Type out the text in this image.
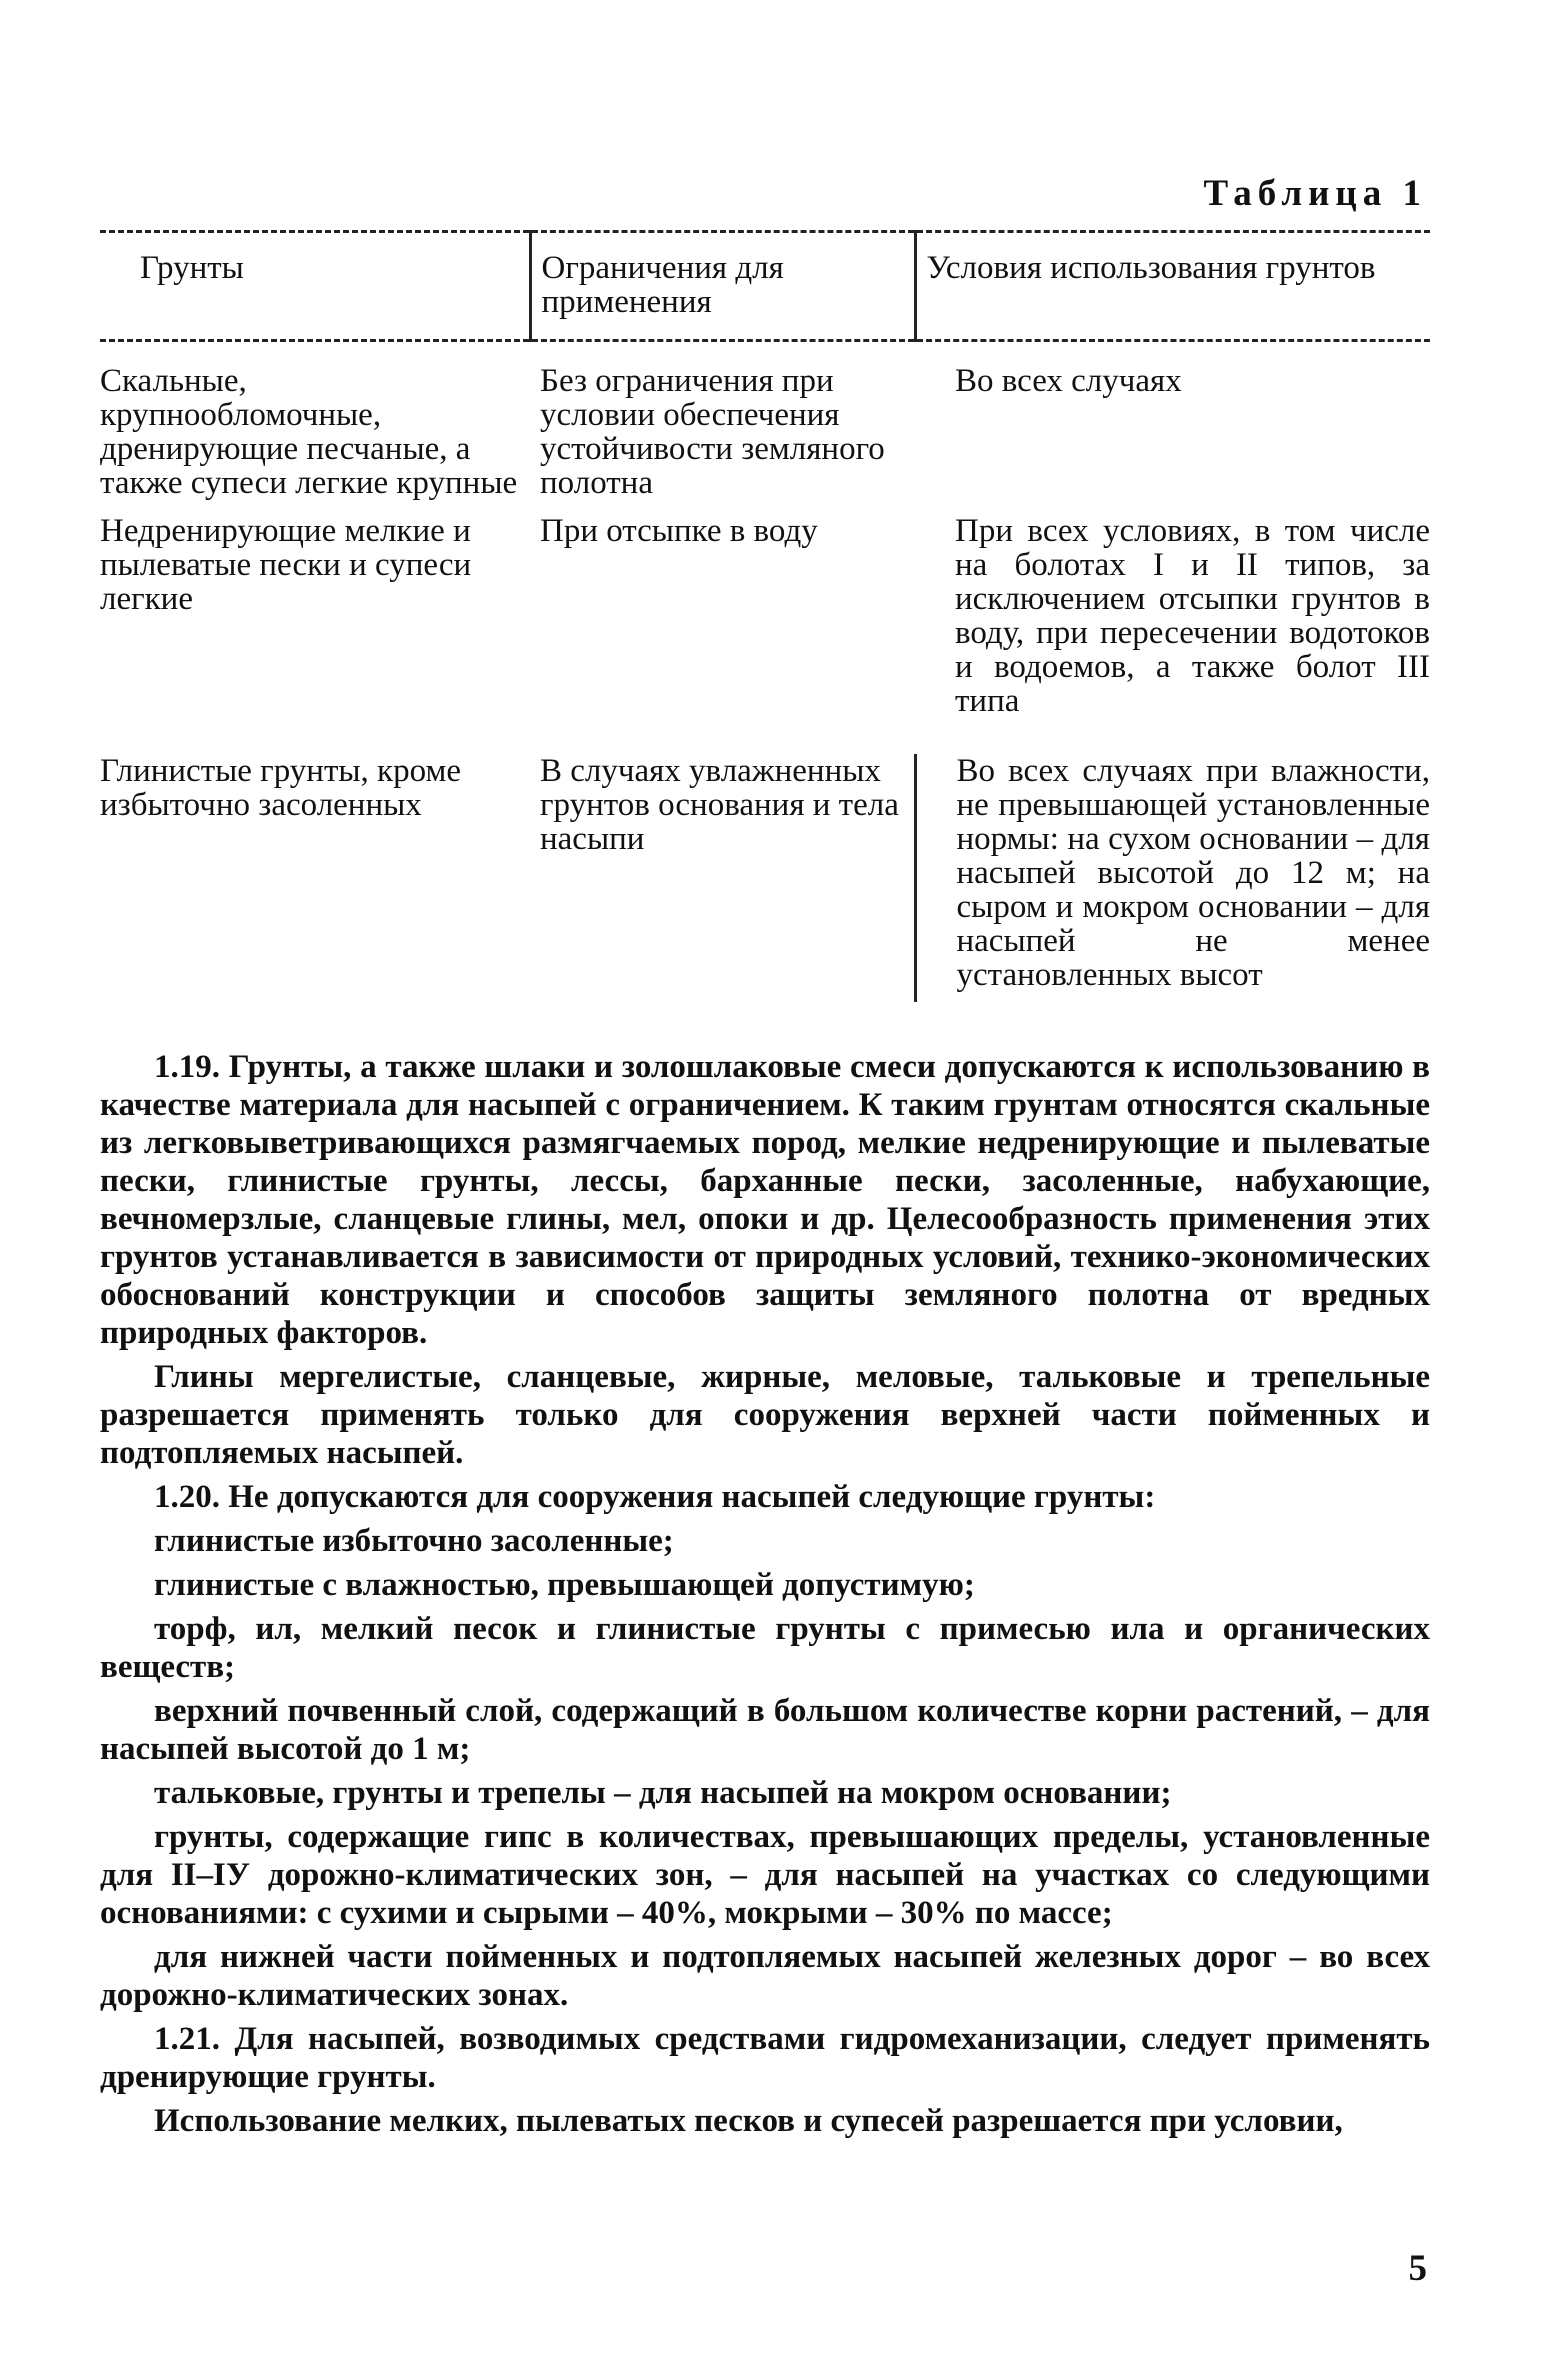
Таблица 1
Грунты	Ограничения для применения	Условия использования грунтов
Скальные, крупнообломочные, дренирующие песчаные, а также супеси легкие крупные	Без ограничения при условии обеспечения устойчивости земляного полотна	Во всех случаях
Недренирующие мелкие и пылеватые пески и супеси легкие	При отсыпке в воду	При всех условиях, в том числе на болотах I и II типов, за исключением отсыпки грунтов в воду, при пересечении водотоков и водоемов, а также болот III типа
Глинистые грунты, кроме избыточно засоленных	В случаях увлажненных грунтов основания и тела насыпи	Во всех случаях при влажности, не превышающей установленные нормы: на сухом основании – для насыпей высотой до 12 м; на сыром и мокром основании – для насыпей не менее установленных высот

1.19. Грунты, а также шлаки и золошлаковые смеси допускаются к использованию в качестве материала для насыпей с ограничением. К таким грунтам относятся скальные из легковыветривающихся размягчаемых пород, мелкие недренирующие и пылеватые пески, глинистые грунты, лессы, барханные пески, засоленные, набухающие, вечномерзлые, сланцевые глины, мел, опоки и др. Целесообразность применения этих грунтов устанавливается в зависимости от природных условий, технико-экономических обоснований конструкции и способов защиты земляного полотна от вредных природных факторов.

Глины мергелистые, сланцевые, жирные, меловые, тальковые и трепельные разрешается применять только для сооружения верхней части пойменных и подтопляемых насыпей.

1.20. Не допускаются для сооружения насыпей следующие грунты:

глинистые избыточно засоленные;

глинистые с влажностью, превышающей допустимую;

торф, ил, мелкий песок и глинистые грунты с примесью ила и органических веществ;

верхний почвенный слой, содержащий в большом количестве корни растений, – для насыпей высотой до 1 м;

тальковые, грунты и трепелы – для насыпей на мокром основании;

грунты, содержащие гипс в количествах, превышающих пределы, установленные для II–IУ дорожно-климатических зон, – для насыпей на участках со следующими основаниями: с сухими и сырыми – 40%, мокрыми – 30% по массе;

для нижней части пойменных и подтопляемых насыпей железных дорог – во всех дорожно-климатических зонах.

1.21. Для насыпей, возводимых средствами гидромеханизации, следует применять дренирующие грунты.

Использование мелких, пылеватых песков и супесей разрешается при условии,

5
